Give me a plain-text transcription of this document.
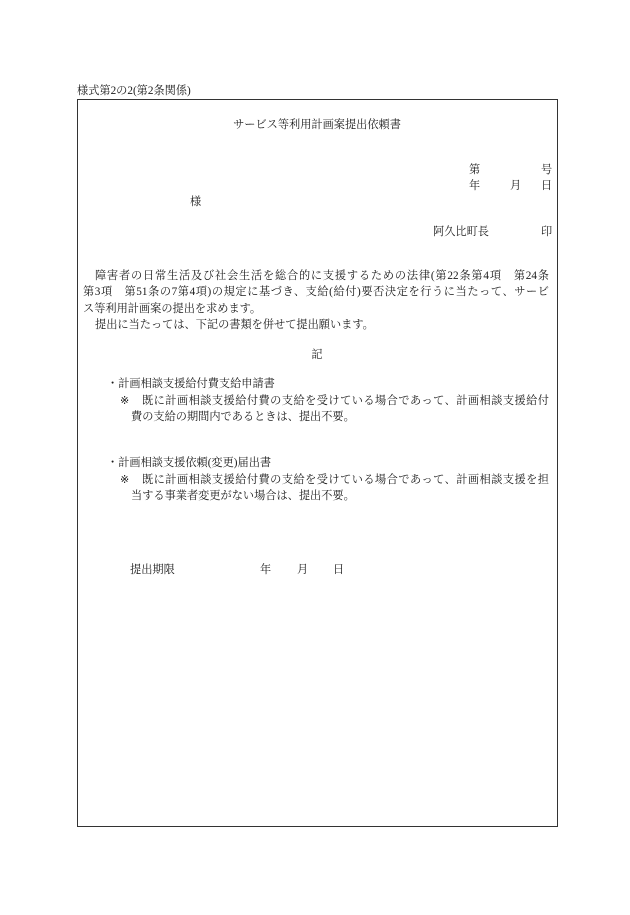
様式第2の2(第2条関係)
サービス等利用計画案提出依頼書
第	号
年	月 日
様
阿久比町長	印
障害者の日常生活及び社会生活を総合的に支援するための法律(第22条第4項　第24条
第3項　第51条の7第4項)の規定に基づき、支給(給付)要否決定を行うに当たって、サービ
ス等利用計画案の提出を求めます。
提出に当たっては、下記の書類を併せて提出願います。
記
・計画相談支援給付費支給申請書
※ 既に計画相談支援給付費の支給を受けている場合であって、計画相談支援給付
費の支給の期間内であるときは、提出不要。
・計画相談支援依頼(変更)届出書
※ 既に計画相談支援給付費の支給を受けている場合であって、計画相談支援を担
当する事業者変更がない場合は、提出不要。
提出期限	年 月 日
